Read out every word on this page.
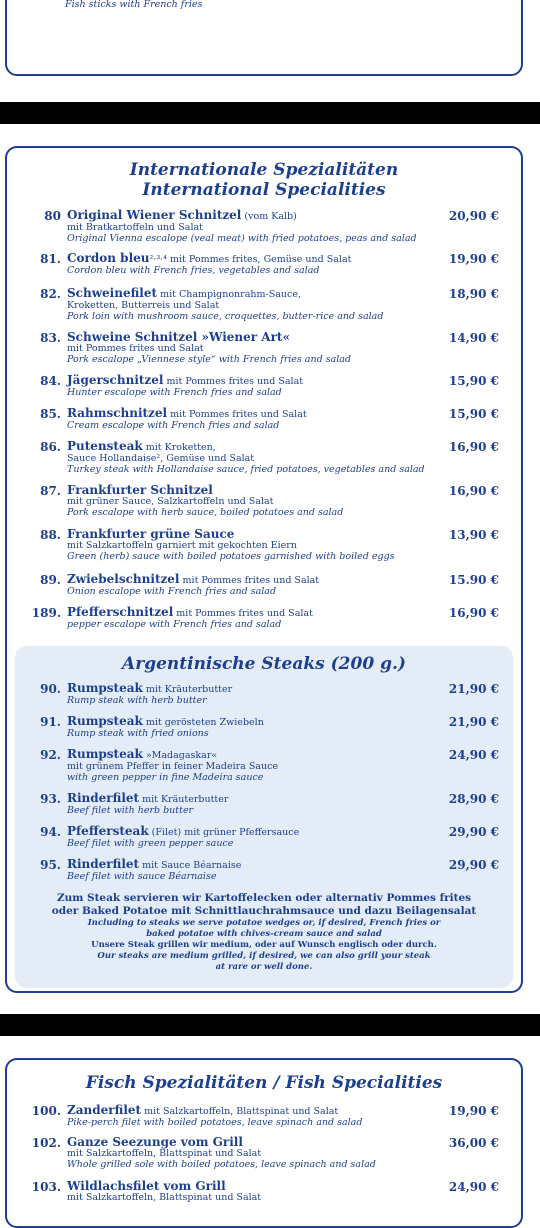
Fish sticks with French fries
Internationale Spezialitäten
International Specialities
80 Original Wiener Schnitzel (vom Kalb)
mit Bratkartoffeln und Salat
Original Vienna escalope (veal meat) with fried potatoes, peas and salad
20,90 €
81. Cordon bleu²·³·⁴ mit Pommes frites, Gemüse und Salat
Cordon bleu with French fries, vegetables and salad
19,90 €
82. Schweinefilet mit Champignonrahm-Sauce,
Kroketten, Butterreis und Salat
Pork loin with mushroom sauce, croquettes, butter-rice and salad
18,90 €
83. Schweine Schnitzel »Wiener Art«
mit Pommes frites und Salat
Pork escalope „Viennese style“ with French fries and salad
14,90 €
84. Jägerschnitzel mit Pommes frites und Salat
Hunter escalope with French fries and salad
15,90 €
85. Rahmschnitzel mit Pommes frites und Salat
Cream escalope with French fries and salad
15,90 €
86. Putensteak mit Kroketten,
Sauce Hollandaise², Gemüse und Salat
Turkey steak with Hollandaise sauce, fried potatoes, vegetables and salad
16,90 €
87. Frankfurter Schnitzel
mit grüner Sauce, Salzkartoffeln und Salat
Pork escalope with herb sauce, boiled potatoes and salad
16,90 €
88. Frankfurter grüne Sauce
mit Salzkartoffeln garniert mit gekochten Eiern
Green (herb) sauce with boiled potatoes garnished with boiled eggs
13,90 €
89. Zwiebelschnitzel mit Pommes frites und Salat
Onion escalope with French fries and salad
15.90 €
189. Pfefferschnitzel mit Pommes frites und Salat
pepper escalope with French fries and salad
16,90 €
Argentinische Steaks (200 g.)
90. Rumpsteak mit Kräuterbutter
Rump steak with herb butter
21,90 €
91. Rumpsteak mit gerösteten Zwiebeln
Rump steak with fried onions
21,90 €
92. Rumpsteak »Madagaskar«
mit grünem Pfeffer in feiner Madeira Sauce
with green pepper in fine Madeira sauce
24,90 €
93. Rinderfilet mit Kräuterbutter
Beef filet with herb butter
28,90 €
94. Pfeffersteak (Filet) mit grüner Pfeffersauce
Beef filet with green pepper sauce
29,90 €
95. Rinderfilet mit Sauce Béarnaise
Beef filet with sauce Béarnaise
29,90 €
Zum Steak servieren wir Kartoffelecken oder alternativ Pommes frites
oder Baked Potatoe mit Schnittlauchrahmsauce und dazu Beilagensalat
Including to steaks we serve potatoe wedges or, if desired, French fries or
baked potatoe with chives-cream sauce and salad
Unsere Steak grillen wir medium, oder auf Wunsch englisch oder durch.
Our steaks are medium grilled, if desired, we can also grill your steak
at rare or well done.
Fisch Spezialitäten / Fish Specialities
100. Zanderfilet mit Salzkartoffeln, Blattspinat und Salat
Pike-perch filet with boiled potatoes, leave spinach and salad
19,90 €
102. Ganze Seezunge vom Grill
mit Salzkartoffeln, Blattspinat und Salat
Whole grilled sole with boiled potatoes, leave spinach and salad
36,00 €
103. Wildlachsfilet vom Grill
mit Salzkartoffeln, Blattspinat und Salat
24,90 €
